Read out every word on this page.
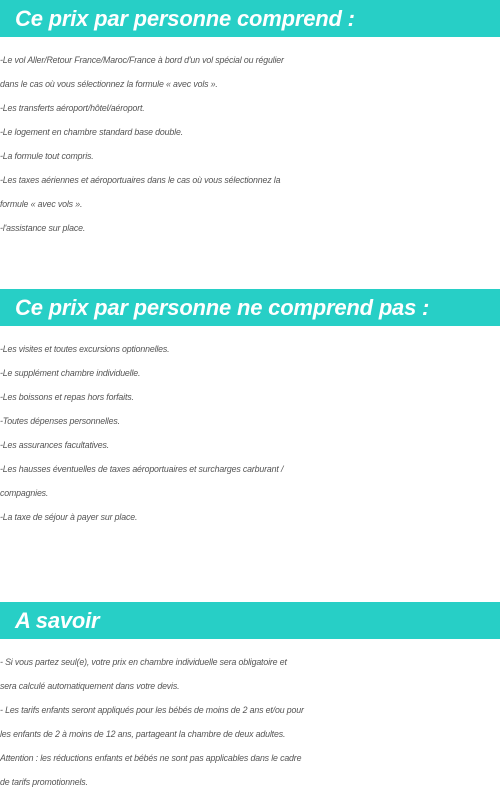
Ce prix par personne comprend :
-Le vol Aller/Retour France/Maroc/France à bord d'un vol spécial ou régulier
dans le cas où vous sélectionnez la formule « avec vols ».
-Les transferts aéroport/hôtel/aéroport.
-Le logement en chambre standard base double.
-La formule tout compris.
-Les taxes aériennes et aéroportuaires dans le cas où vous sélectionnez la
formule « avec vols ».
-l'assistance sur place.
Ce prix par personne ne comprend pas :
-Les visites et toutes excursions optionnelles.
-Le supplément chambre individuelle.
-Les boissons et repas hors forfaits.
-Toutes dépenses personnelles.
-Les assurances facultatives.
-Les hausses éventuelles de taxes aéroportuaires et surcharges carburant /
compagnies.
-La taxe de séjour à payer sur place.
A savoir
- Si vous partez seul(e), votre prix en chambre individuelle sera obligatoire et
sera calculé automatiquement dans votre devis.
- Les tarifs enfants seront appliqués pour les bébés de moins de 2 ans et/ou pour
les enfants de 2 à moins de 12 ans, partageant la chambre de deux adultes.
Attention : les réductions enfants et bébés ne sont pas applicables dans le cadre
de tarifs promotionnels.
